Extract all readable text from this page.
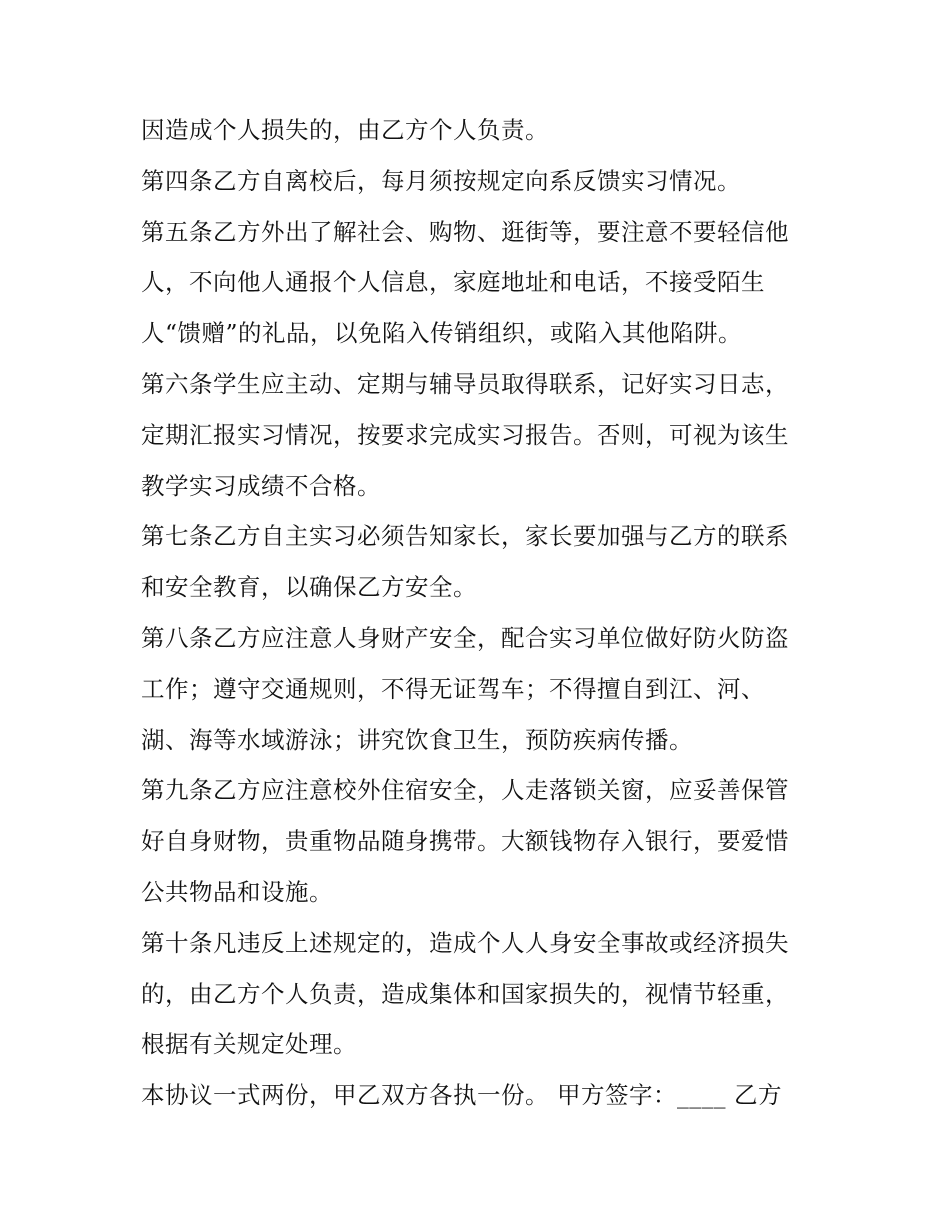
因造成个人损失的，由乙方个人负责。
第四条乙方自离校后，每月须按规定向系反馈实习情况。
第五条乙方外出了解社会、购物、逛街等，要注意不要轻信他
人，不向他人通报个人信息，家庭地址和电话，不接受陌生
人“馈赠”的礼品，以免陷入传销组织，或陷入其他陷阱。
第六条学生应主动、定期与辅导员取得联系，记好实习日志，
定期汇报实习情况，按要求完成实习报告。否则，可视为该生
教学实习成绩不合格。
第七条乙方自主实习必须告知家长，家长要加强与乙方的联系
和安全教育，以确保乙方安全。
第八条乙方应注意人身财产安全，配合实习单位做好防火防盗
工作；遵守交通规则，不得无证驾车；不得擅自到江、河、
湖、海等水域游泳；讲究饮食卫生，预防疾病传播。
第九条乙方应注意校外住宿安全，人走落锁关窗，应妥善保管
好自身财物，贵重物品随身携带。大额钱物存入银行，要爱惜
公共物品和设施。
第十条凡违反上述规定的，造成个人人身安全事故或经济损失
的，由乙方个人负责，造成集体和国家损失的，视情节轻重，
根据有关规定处理。
本协议一式两份，甲乙双方各执一份。 甲方签字：____ 乙方
